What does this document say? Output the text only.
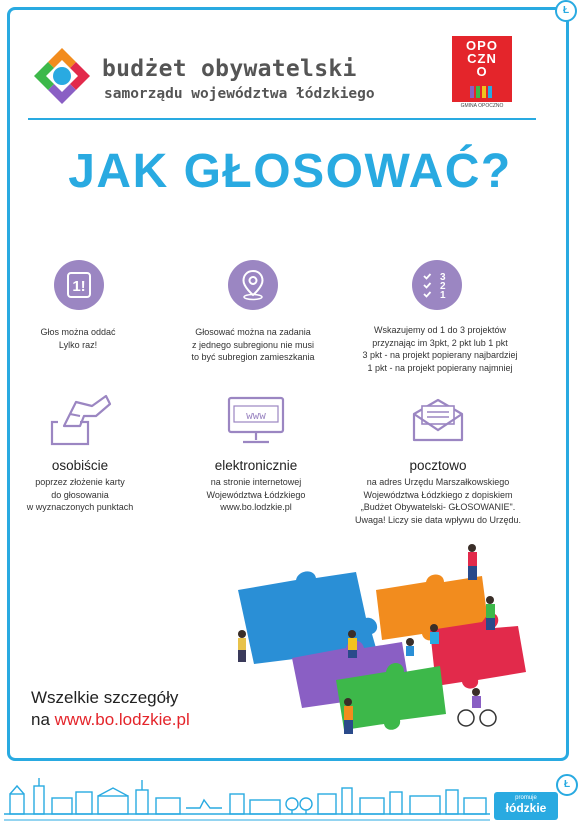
Ł
Ł
budżet obywatelski
samorządu województwa łódzkiego
OPO
CZN
O
GMINA OPOCZNO
JAK GŁOSOWAĆ?
1!
Głos można oddać
Lylko raz!
Głosować można na zadania
z jednego subregionu nie musi
to być subregion zamieszkania
3
2
1
Wskazujemy od 1 do 3 projektów
przyznając im 3pkt, 2 pkt lub 1 pkt
3 pkt - na projekt popierany najbardziej
1 pkt - na projekt popierany najmniej
osobiście
poprzez złożenie karty
do głosowania
w wyznaczonych punktach
www
elektronicznie
na stronie internetowej
Województwa Łódzkiego
www.bo.lodzkie.pl
pocztowo
na adres Urzędu Marszałkowskiego
Województwa Łódzkiego z dopiskiem
„Budżet Obywatelski- GŁOSOWANIE".
Uwaga! Liczy sie data wpływu do Urzędu.
Wszelkie szczegóły
na www.bo.lodzkie.pl
promuje
łódzkie
